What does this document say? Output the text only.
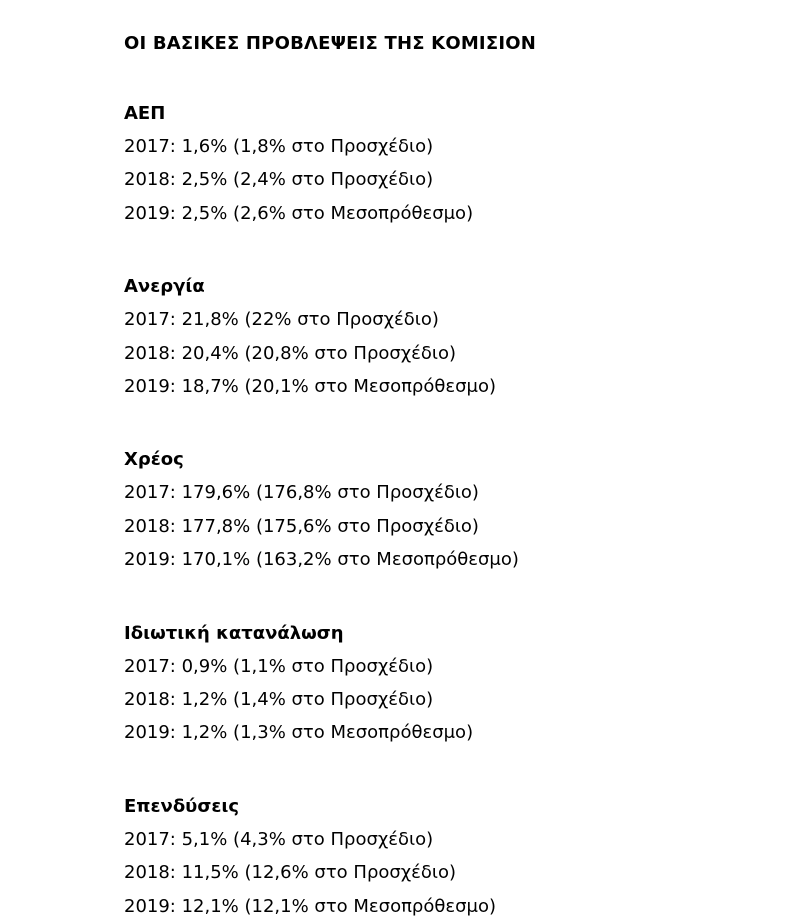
ΟΙ ΒΑΣΙΚΕΣ ΠΡΟΒΛΕΨΕΙΣ ΤΗΣ ΚΟΜΙΣΙΟΝ
ΑΕΠ

2017: 1,6% (1,8% στο Προσχέδιο)

2018: 2,5% (2,4% στο Προσχέδιο)

2019: 2,5% (2,6% στο Μεσοπρόθεσμο)

Ανεργία

2017: 21,8% (22% στο Προσχέδιο)

2018: 20,4% (20,8% στο Προσχέδιο)

2019: 18,7% (20,1% στο Μεσοπρόθεσμο)

Χρέος

2017: 179,6% (176,8% στο Προσχέδιο)

2018: 177,8% (175,6% στο Προσχέδιο)

2019: 170,1% (163,2% στο Μεσοπρόθεσμο)

Ιδιωτική κατανάλωση

2017: 0,9% (1,1% στο Προσχέδιο)

2018: 1,2% (1,4% στο Προσχέδιο)

2019: 1,2% (1,3% στο Μεσοπρόθεσμο)

Επενδύσεις

2017: 5,1% (4,3% στο Προσχέδιο)

2018: 11,5% (12,6% στο Προσχέδιο)

2019: 12,1% (12,1% στο Μεσοπρόθεσμο)
